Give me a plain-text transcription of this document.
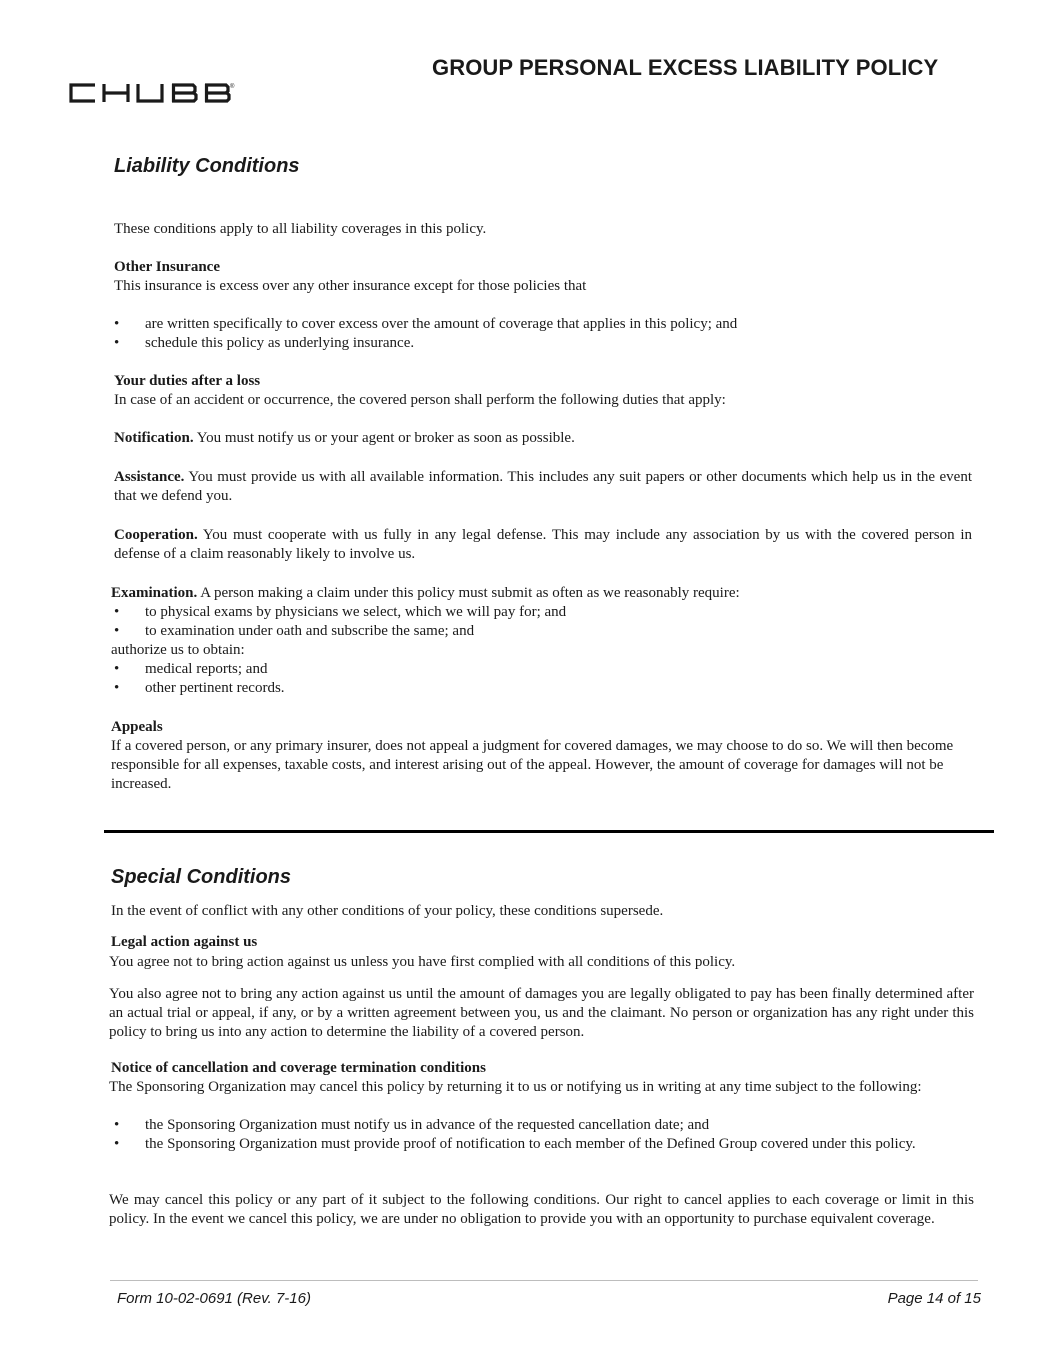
GROUP PERSONAL EXCESS LIABILITY POLICY
®
Liability Conditions
These conditions apply to all liability coverages in this policy.
Other Insurance
This insurance is excess over any other insurance except for those policies that
• are written specifically to cover excess over the amount of coverage that applies in this policy; and
• schedule this policy as underlying insurance.
Your duties after a loss
In case of an accident or occurrence, the covered person shall perform the following duties that apply:
Notification. You must notify us or your agent or broker as soon as possible.
Assistance. You must provide us with all available information. This includes any suit papers or other documents which help us in the event that we defend you.
Cooperation. You must cooperate with us fully in any legal defense. This may include any association by us with the covered person in defense of a claim reasonably likely to involve us.
Examination. A person making a claim under this policy must submit as often as we reasonably require:
• to physical exams by physicians we select, which we will pay for; and
• to examination under oath and subscribe the same; and
authorize us to obtain:
• medical reports; and
• other pertinent records.
Appeals
If a covered person, or any primary insurer, does not appeal a judgment for covered damages, we may choose to do so. We will then become responsible for all expenses, taxable costs, and interest arising out of the appeal. However, the amount of coverage for damages will not be increased.
Special Conditions
In the event of conflict with any other conditions of your policy, these conditions supersede.
Legal action against us
You agree not to bring action against us unless you have first complied with all conditions of this policy.
You also agree not to bring any action against us until the amount of damages you are legally obligated to pay has been finally determined after an actual trial or appeal, if any, or by a written agreement between you, us and the claimant. No person or organization has any right under this policy to bring us into any action to determine the liability of a covered person.
Notice of cancellation and coverage termination conditions
The Sponsoring Organization may cancel this policy by returning it to us or notifying us in writing at any time subject to the following:
• the Sponsoring Organization must notify us in advance of the requested cancellation date; and
• the Sponsoring Organization must provide proof of notification to each member of the Defined Group covered under this policy.
We may cancel this policy or any part of it subject to the following conditions. Our right to cancel applies to each coverage or limit in this policy. In the event we cancel this policy, we are under no obligation to provide you with an opportunity to purchase equivalent coverage.
Form 10-02-0691 (Rev. 7-16)	Page 14 of 15
